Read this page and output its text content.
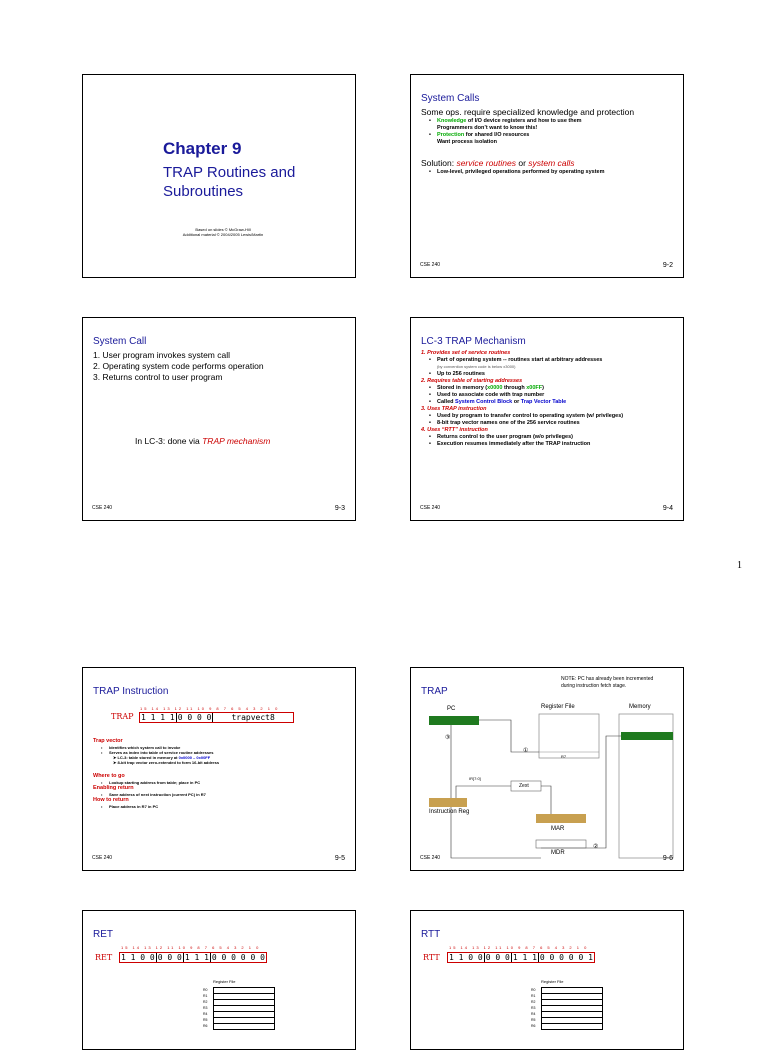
Chapter 9
TRAP Routines and
Subroutines
Based on slides © McGraw-Hill
Additional material © 2004/2005 Lewis/Martin
System Calls
Some ops. require specialized knowledge and protection
• Knowledge of I/O device registers and how to use them
Programmers don’t want to know this!
• Protection for shared I/O resources
Want process isolation
Solution: service routines or system calls
• Low-level, privileged operations performed by operating system
CSE 240	9-2
System Call
1. User program invokes system call
2. Operating system code performs operation
3. Returns control to user program
In LC-3: done via TRAP mechanism
CSE 240	9-3
LC-3 TRAP Mechanism
1. Provides set of service routines
• Part of operating system -- routines start at arbitrary addresses
(by convention system code is below x3000)
• Up to 256 routines
2. Requires table of starting addresses
• Stored in memory (x0000 through x00FF)
• Used to associate code with trap number
• Called System Control Block or Trap Vector Table
3. Uses TRAP instruction
• Used by program to transfer control to operating system (w/ privileges)
• 8-bit trap vector names one of the 256 service routines
4. Uses “RTT” instruction
• Returns control to the user program (w/o privileges)
• Execution resumes immediately after the TRAP instruction
CSE 240	9-4
1
TRAP Instruction
15 14 13 12 11 10 9 8 7 6 5 4 3 2 1 0
TRAP 1 1 1 1 0 0 0 0	trapvect8
Trap vector
• Identifies which system call to invoke
• Serves as index into table of service routine addresses
➤ LC-3: table stored in memory at 0x0000 – 0x00FF
➤ 8-bit trap vector zero-extended to form 16-bit address
Where to go
• Lookup starting address from table; place in PC
Enabling return
• Save address of next instruction (current PC) in R7
How to return
• Place address in R7 in PC
CSE 240	9-5
TRAP
NOTE: PC has already been incremented
during instruction fetch stage.
PC	Register File	Memory
IR[7:0]
Zext
Instruction Reg
MAR
MDR
R7
①
②
③
CSE 240	9-6
RET
15 14 13 12 11 10 9 8 7 6 5 4 3 2 1 0
RET 1 1 0 0 0 0 0 1 1 1 0 0 0 0 0 0
Register File
R0
R1
R2
R3
R4
R5
R6
RTT
15 14 13 12 11 10 9 8 7 6 5 4 3 2 1 0
RTT 1 1 0 0 0 0 0 1 1 1 0 0 0 0 0 1
Register File
R0
R1
R2
R3
R4
R5
R6
